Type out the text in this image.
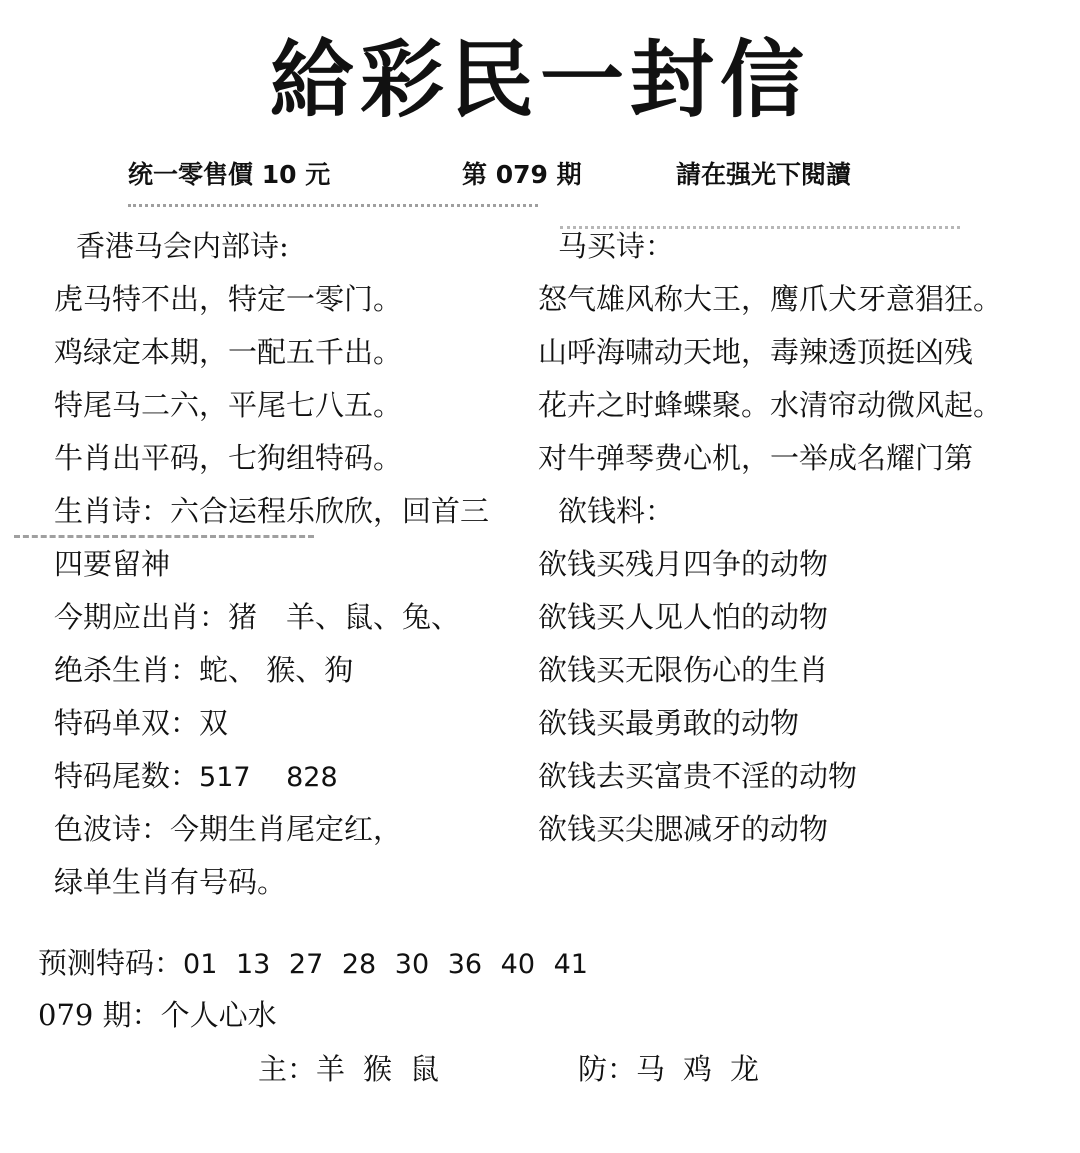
給彩民一封信
统一零售價 10 元	第 079 期	請在强光下閱讀
香港马会内部诗:
虎马特不出，特定一零门。
鸡绿定本期，一配五千出。
特尾马二六，平尾七八五。
牛肖出平码，七狗组特码。
生肖诗：六合运程乐欣欣，回首三
四要留神
今期应出肖：猪　羊、鼠、兔、
绝杀生肖：蛇、 猴、狗
特码单双：双
特码尾数：517　 828
色波诗：今期生肖尾定红，
绿单生肖有号码。
马买诗：
怒气雄风称大王，鹰爪犬牙意猖狂。
山呼海啸动天地，毒辣透顶挺凶残
花卉之时蜂蝶聚。水清帘动微风起。
对牛弹琴费心机，一举成名耀门第
欲钱料：
欲钱买残月四争的动物
欲钱买人见人怕的动物
欲钱买无限伤心的生肖
欲钱买最勇敢的动物
欲钱去买富贵不淫的动物
欲钱买尖腮减牙的动物
预测特码：01 13 27 28 30 36 40 41
079 期：个人心水
主：羊猴鼠	防：马鸡龙
